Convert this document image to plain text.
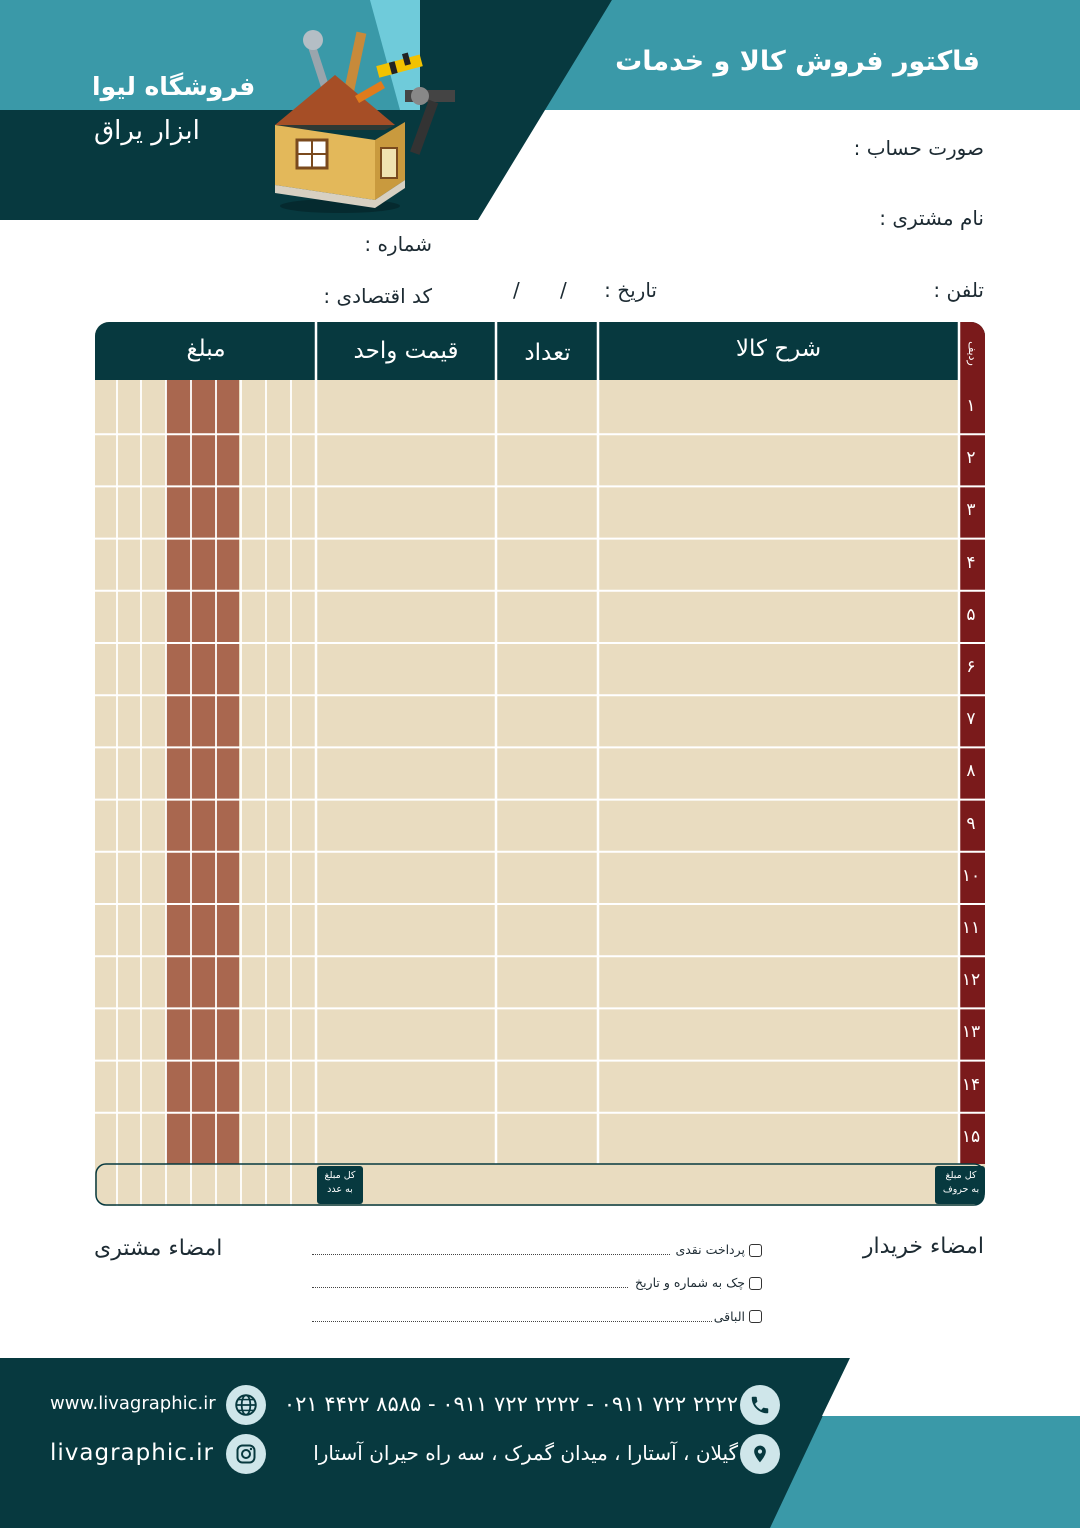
فاکتور فروش کالا و خدمات
فروشگاه لیوا
ابزار یراق
صورت حساب :
نام مشتری :
شماره :
تلفن :
تاریخ :
/
/
کد اقتصادی :
شرح کالا
تعداد
قیمت واحد
مبلغ	ردیف
۱
۲
۳
۴
۵
۶
۷
۸
۹
۱۰
۱۱
۱۲
۱۳
۱۴
۱۵
کل مبلغ
به عدد
کل مبلغ
به حروف
امضاء خریدار
امضاء مشتری	پرداخت نقدی
چک به شماره و تاریخ
الباقی
۰۲۱ ۴۴۲۲ ۸۵۸۵ - ۰۹۱۱ ۷۲۲ ۲۲۲۲ - ۰۹۱۱ ۷۲۲ ۲۲۲۲
گیلان ، آستارا ، میدان گمرک ، سه راه حیران آستارا
www.livagraphic.ir
livagraphic.ir
